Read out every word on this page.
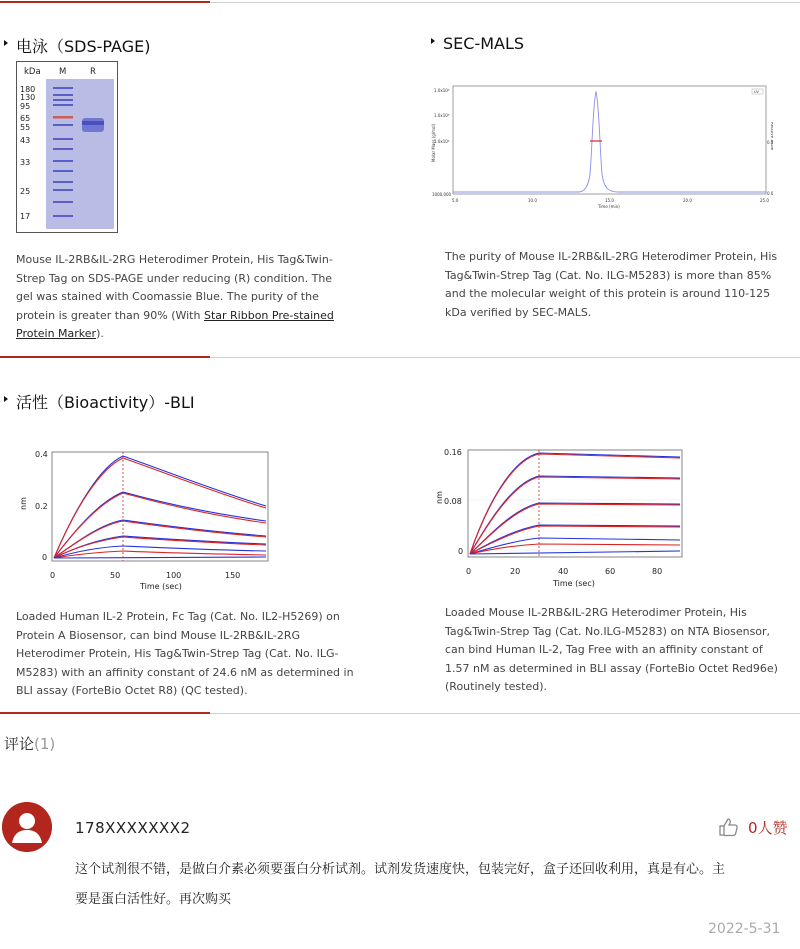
电泳（SDS-PAGE)
kDa M	R
180
130
95
65
55
43
33
25
17
Mouse IL-2RB&IL-2RG Heterodimer Protein, His Tag&Twin-
Strep Tag on SDS-PAGE under reducing (R) condition. The
gel was stained with Coomassie Blue. The purity of the
protein is greater than 90% (With Star Ribbon Pre-stained
Protein Marker).
SEC-MALS
Molar Mass (g/mol)
1.0x10⁶
1.0x10⁵
1.0x10⁴
1000.000
5.0	10.0	15.0	20.0	25.0
Time (min)
Relative Scale
0.5
0.0
UV
The purity of Mouse IL-2RB&IL-2RG Heterodimer Protein, His
Tag&Twin-Strep Tag (Cat. No. ILG-M5283) is more than 85%
and the molecular weight of this protein is around 110-125
kDa verified by SEC-MALS.
活性（Bioactivity）-BLI
nm
0.4
0.2
0
0	50	100	150
Time (sec)
nm
0.16
0.08
0
0	20	40	60	80
Time (sec)
Loaded Human IL-2 Protein, Fc Tag (Cat. No. IL2-H5269) on
Protein A Biosensor, can bind Mouse IL-2RB&IL-2RG
Heterodimer Protein, His Tag&Twin-Strep Tag (Cat. No. ILG-
M5283) with an affinity constant of 24.6 nM as determined in
BLI assay (ForteBio Octet R8) (QC tested).
Loaded Mouse IL-2RB&IL-2RG Heterodimer Protein, His
Tag&Twin-Strep Tag (Cat. No.ILG-M5283) on NTA Biosensor,
can bind Human IL-2, Tag Free with an affinity constant of
1.57 nM as determined in BLI assay (ForteBio Octet Red96e)
(Routinely tested).
评论(1)
178XXXXXXX2	0人赞
这个试剂很不错，是做白介素必须要蛋白分析试剂。试剂发货速度快，包装完好，盒子还回收利用，真是有心。主
要是蛋白活性好。再次购买
2022-5-31
